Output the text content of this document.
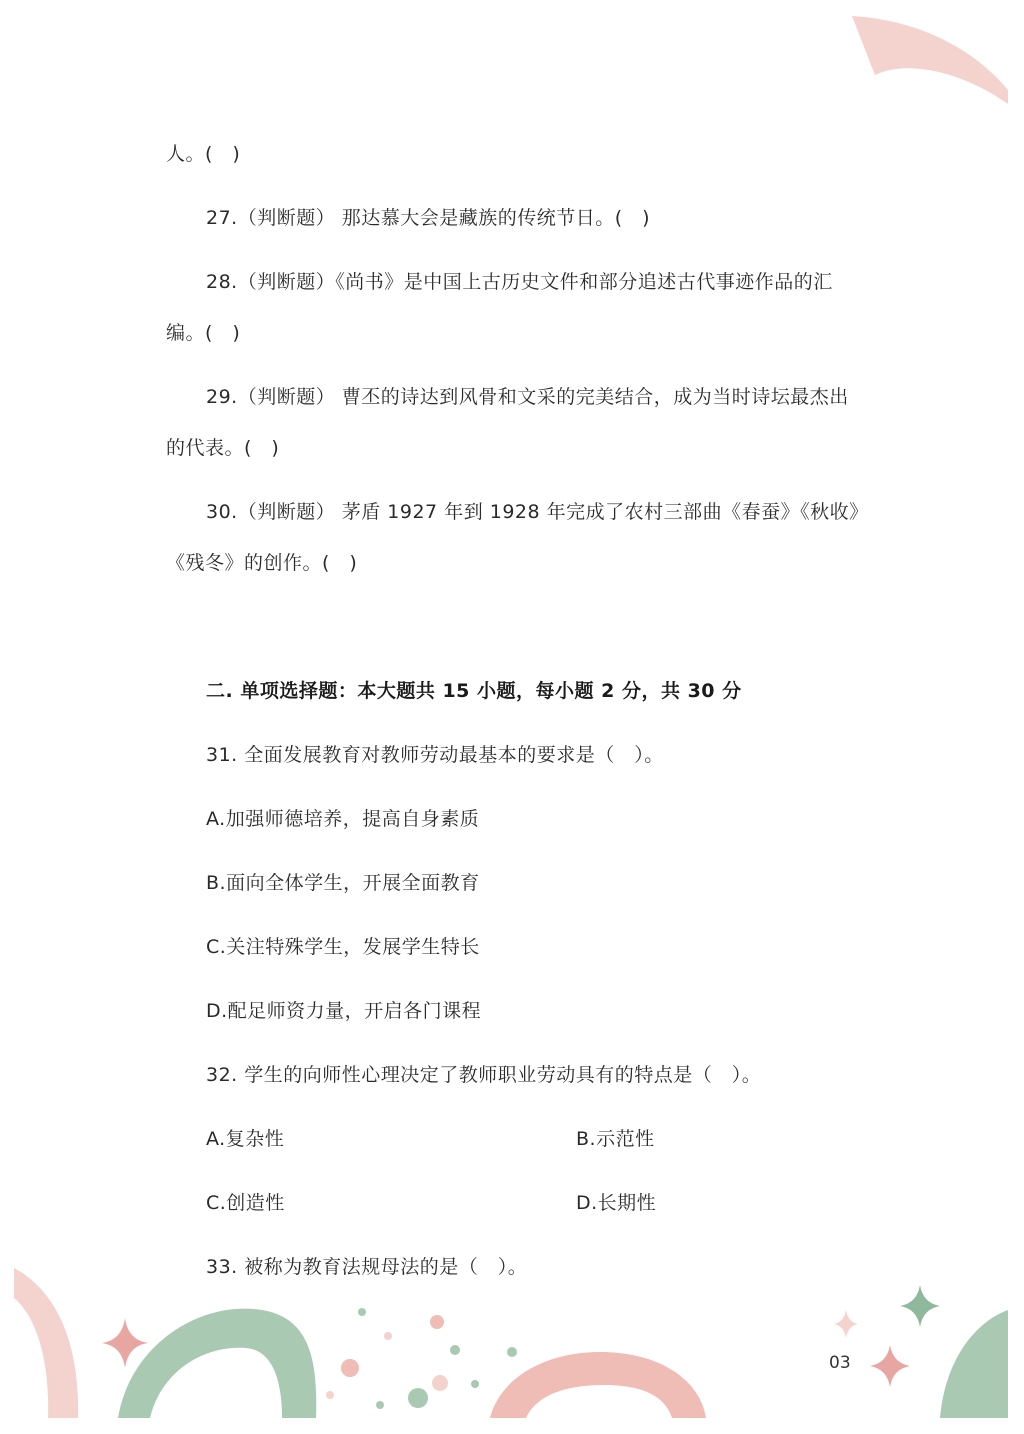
人。(　)
27.（判断题） 那达慕大会是藏族的传统节日。(　)
28.（判断题）《尚书》是中国上古历史文件和部分追述古代事迹作品的汇
编。(　)
29.（判断题） 曹丕的诗达到风骨和文采的完美结合，成为当时诗坛最杰出
的代表。(　)
30.（判断题） 茅盾 1927 年到 1928 年完成了农村三部曲《春蚕》《秋收》
《残冬》的创作。(　)
二. 单项选择题：本大题共 15 小题，每小题 2 分，共 30 分
31. 全面发展教育对教师劳动最基本的要求是（　）。
A.加强师德培养，提高自身素质
B.面向全体学生，开展全面教育
C.关注特殊学生，发展学生特长
D.配足师资力量，开启各门课程
32. 学生的向师性心理决定了教师职业劳动具有的特点是（　）。
A.复杂性	B.示范性
C.创造性	D.长期性
33. 被称为教育法规母法的是（　）。
03
